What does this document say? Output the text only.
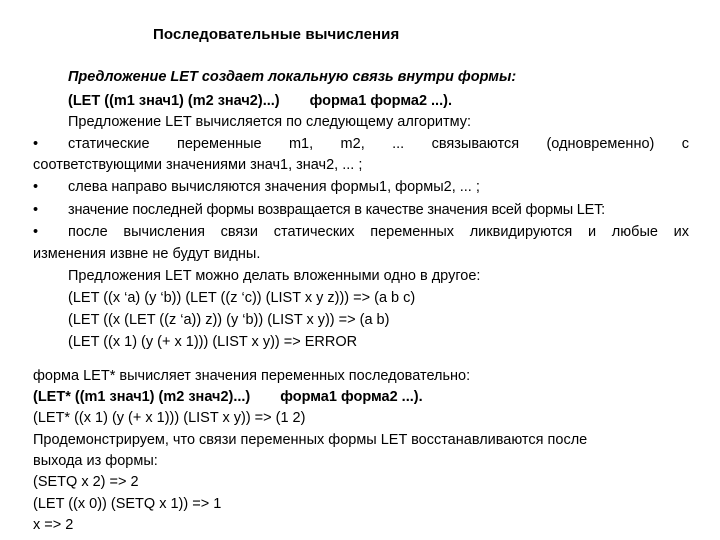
Последовательные вычисления
Предложение LET создает локальную связь внутри формы:
(LET ((m1 знач1) (m2 знач2)...) форма1 форма2 ...).
Предложение LET вычисляется по следующему алгоритму:
• статические переменные m1, m2, ... связываются (одновременно) с
соответствующими значениями знач1, знач2, ... ;
• слева направо вычисляются значения формы1, формы2, ... ;
• значение последней формы возвращается в качестве значения всей формы LET:
• после вычисления связи статических переменных ликвидируются и любые их
изменения извне не будут видны.
Предложения LET можно делать вложенными одно в другое:
(LET ((x ‘a) (y ‘b)) (LET ((z ‘c)) (LIST x y z))) => (a b c)
(LET ((x (LET ((z ‘a)) z)) (y ‘b)) (LIST x y)) => (a b)
(LET ((x 1) (y (+ x 1))) (LIST x y)) => ERROR
форма LET* вычисляет значения переменных последовательно:
(LET* ((m1 знач1) (m2 знач2)...) форма1 форма2 ...).
(LET* ((x 1) (y (+ x 1))) (LIST x y)) => (1 2)
Продемонстрируем, что связи переменных формы LET восстанавливаются после
выхода из формы:
(SETQ x 2) => 2
(LET ((x 0)) (SETQ x 1)) => 1
x => 2
